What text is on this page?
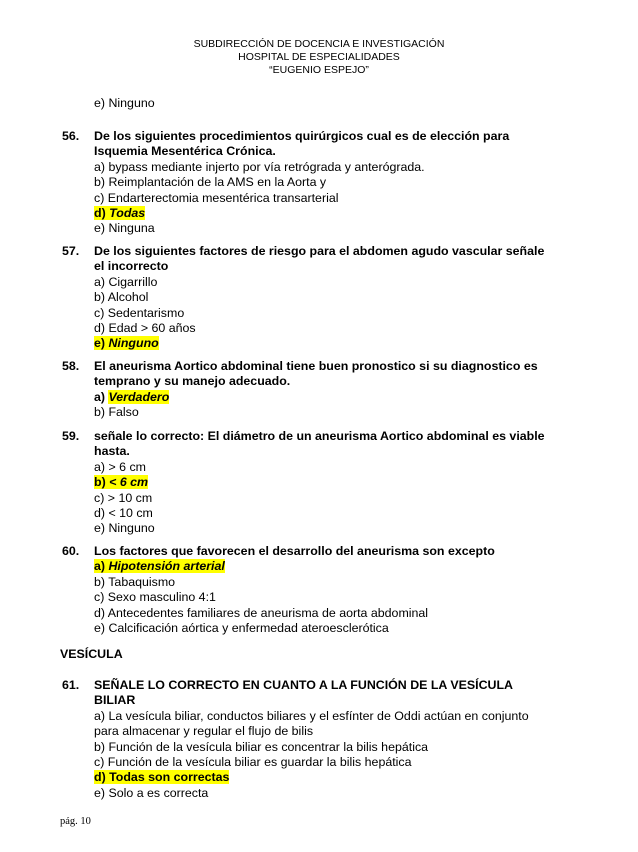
SUBDIRECCIÓN DE DOCENCIA E INVESTIGACIÓN
HOSPITAL DE ESPECIALIDADES
“EUGENIO ESPEJO”
e) Ninguno
56. De los siguientes procedimientos quirúrgicos cual es de elección para
Isquemia Mesentérica Crónica.
a) bypass mediante injerto por vía retrógrada y anterógrada.
b) Reimplantación de la AMS en la Aorta y
c) Endarterectomia mesentérica transarterial
d) Todas
e) Ninguna
57. De los siguientes factores de riesgo para el abdomen agudo vascular señale
el incorrecto
a) Cigarrillo
b) Alcohol
c) Sedentarismo
d) Edad > 60 años
e) Ninguno
58. El aneurisma Aortico abdominal tiene buen pronostico si su diagnostico es
temprano y su manejo adecuado.
a) Verdadero
b) Falso
59. señale lo correcto: El diámetro de un aneurisma Aortico abdominal es viable
hasta.
a) > 6 cm
b) < 6 cm
c) > 10 cm
d) < 10 cm
e) Ninguno
60. Los factores que favorecen el desarrollo del aneurisma son excepto
a) Hipotensión arterial
b) Tabaquismo
c) Sexo masculino 4:1
d) Antecedentes familiares de aneurisma de aorta abdominal
e) Calcificación aórtica y enfermedad ateroesclerótica
VESÍCULA
61. SEÑALE LO CORRECTO EN CUANTO A LA FUNCIÓN DE LA VESÍCULA
BILIAR
a) La vesícula biliar, conductos biliares y el esfínter de Oddi actúan en conjunto
para almacenar y regular el flujo de bilis
b) Función de la vesícula biliar es concentrar la bilis hepática
c) Función de la vesícula biliar es guardar la bilis hepática
d) Todas son correctas
e) Solo a es correcta
pág. 10
